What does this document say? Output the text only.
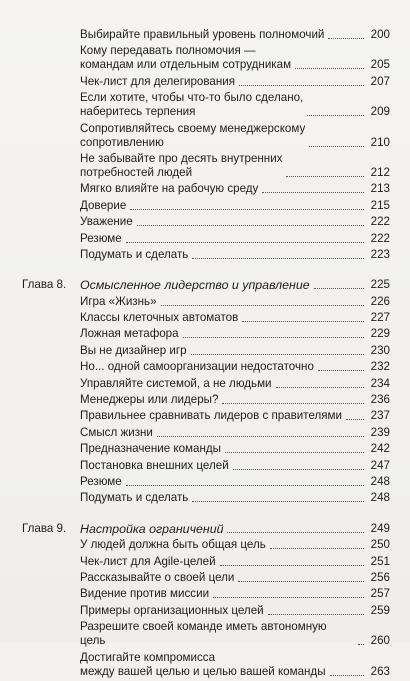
Выбирайте правильный уровень полномочий	200
Кому передавать полномочия —
командам или отдельным сотрудникам	205
Чек-лист для делегирования	207
Если хотите, чтобы что-то было сделано,
наберитесь терпения	209
Сопротивляйтесь своему менеджерскому
сопротивлению	210
Не забывайте про десять внутренних
потребностей людей	212
Мягко влияйте на рабочую среду	213
Доверие	215
Уважение	222
Резюме	222
Подумать и сделать	223
Глава 8.	Осмысленное лидерство и управление	225
Игра «Жизнь»	226
Классы клеточных автоматов	227
Ложная метафора	229
Вы не дизайнер игр	230
Но... одной самоорганизации недостаточно	232
Управляйте системой, а не людьми	234
Менеджеры или лидеры?	236
Правильнее сравнивать лидеров с правителями	237
Смысл жизни	239
Предназначение команды	242
Постановка внешних целей	247
Резюме	248
Подумать и сделать	248
Глава 9.	Настройка ограничений	249
У людей должна быть общая цель	250
Чек-лист для Agile-целей	251
Рассказывайте о своей цели	256
Видение против миссии	257
Примеры организационных целей	259
Разрешите своей команде иметь автономную цель	260
Достигайте компромисса
между вашей целью и целью вашей команды	263
